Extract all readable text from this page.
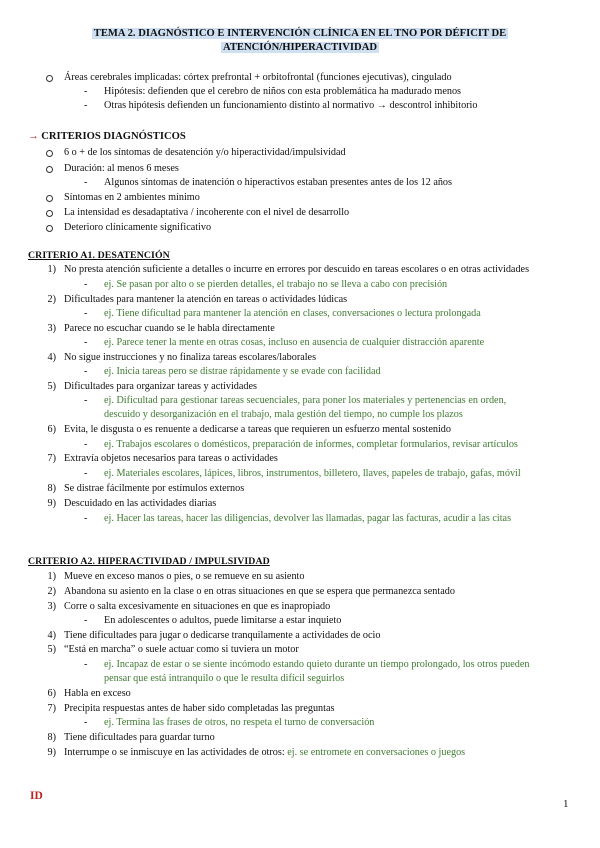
TEMA 2. DIAGNÓSTICO E INTERVENCIÓN CLÍNICA EN EL TNO POR DÉFICIT DE
ATENCIÓN/HIPERACTIVIDAD
Áreas cerebrales implicadas: córtex prefrontal + orbitofrontal (funciones ejecutivas), cingulado
- Hipótesis: defienden que el cerebro de niños con esta problemática ha madurado menos
- Otras hipótesis defienden un funcionamiento distinto al normativo → descontrol inhibitorio
→ CRITERIOS DIAGNÓSTICOS
6 o + de los síntomas de desatención y/o hiperactividad/impulsividad
Duración: al menos 6 meses
- Algunos síntomas de inatención o hiperactivos estaban presentes antes de los 12 años
Síntomas en 2 ambientes mínimo
La intensidad es desadaptativa / incoherente con el nivel de desarrollo
Deterioro clínicamente significativo
CRITERIO A1. DESATENCIÓN
1) No presta atención suficiente a detalles o incurre en errores por descuido en tareas escolares o en otras actividades
- ej. Se pasan por alto o se pierden detalles, el trabajo no se lleva a cabo con precisión
2) Dificultades para mantener la atención en tareas o actividades lúdicas
- ej. Tiene dificultad para mantener la atención en clases, conversaciones o lectura prolongada
3) Parece no escuchar cuando se le habla directamente
- ej. Parece tener la mente en otras cosas, incluso en ausencia de cualquier distracción aparente
4) No sigue instrucciones y no finaliza tareas escolares/laborales
- ej. Inicia tareas pero se distrae rápidamente y se evade con facilidad
5) Dificultades para organizar tareas y actividades
- ej. Dificultad para gestionar tareas secuenciales, para poner los materiales y pertenencias en orden,
descuido y desorganización en el trabajo, mala gestión del tiempo, no cumple los plazos
6) Evita, le disgusta o es renuente a dedicarse a tareas que requieren un esfuerzo mental sostenido
- ej. Trabajos escolares o domésticos, preparación de informes, completar formularios, revisar artículos
7) Extravía objetos necesarios para tareas o actividades
- ej. Materiales escolares, lápices, libros, instrumentos, billetero, llaves, papeles de trabajo, gafas, móvil
8) Se distrae fácilmente por estímulos externos
9) Descuidado en las actividades diarias
- ej. Hacer las tareas, hacer las diligencias, devolver las llamadas, pagar las facturas, acudir a las citas
CRITERIO A2. HIPERACTIVIDAD / IMPULSIVIDAD
1) Mueve en exceso manos o pies, o se remueve en su asiento
2) Abandona su asiento en la clase o en otras situaciones en que se espera que permanezca sentado
3) Corre o salta excesivamente en situaciones en que es inapropiado
- En adolescentes o adultos, puede limitarse a estar inquieto
4) Tiene dificultades para jugar o dedicarse tranquilamente a actividades de ocio
5) “Está en marcha” o suele actuar como si tuviera un motor
- ej. Incapaz de estar o se siente incómodo estando quieto durante un tiempo prolongado, los otros pueden
pensar que está intranquilo o que le resulta difícil seguirlos
6) Habla en exceso
7) Precipita respuestas antes de haber sido completadas las preguntas
- ej. Termina las frases de otros, no respeta el turno de conversación
8) Tiene dificultades para guardar turno
9) Interrumpe o se inmiscuye en las actividades de otros: ej. se entromete en conversaciones o juegos
ID
1
